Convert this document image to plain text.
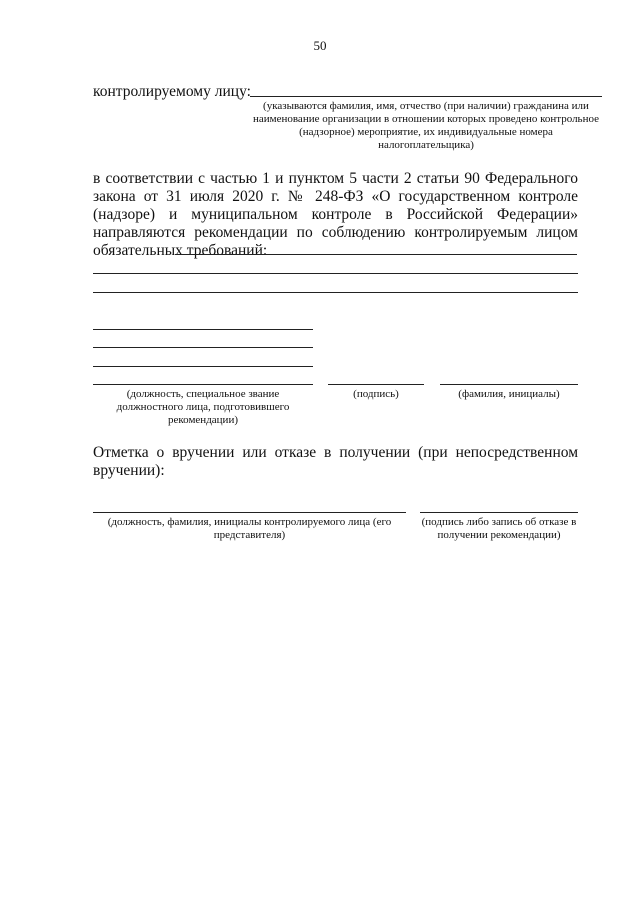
50
контролируемому лицу:
(указываются фамилия, имя, отчество (при наличии) гражданина или наименование организации в отношении которых проведено контрольное (надзорное) мероприятие, их индивидуальные номера налогоплательщика)
в соответствии с частью 1 и пунктом 5 части 2 статьи 90 Федерального закона от 31 июля 2020 г. № 248-ФЗ «О государственном контроле (надзоре) и муниципальном контроле в Российской Федерации» направляются рекомендации по соблюдению контролируемым лицом обязательных требований:
(должность, специальное звание должностного лица, подготовившего рекомендации)
(подпись)	(фамилия, инициалы)
Отметка о вручении или отказе в получении (при непосредственном вручении):
(должность, фамилия, инициалы контролируемого лица (его представителя)
(подпись либо запись об отказе в получении рекомендации)
